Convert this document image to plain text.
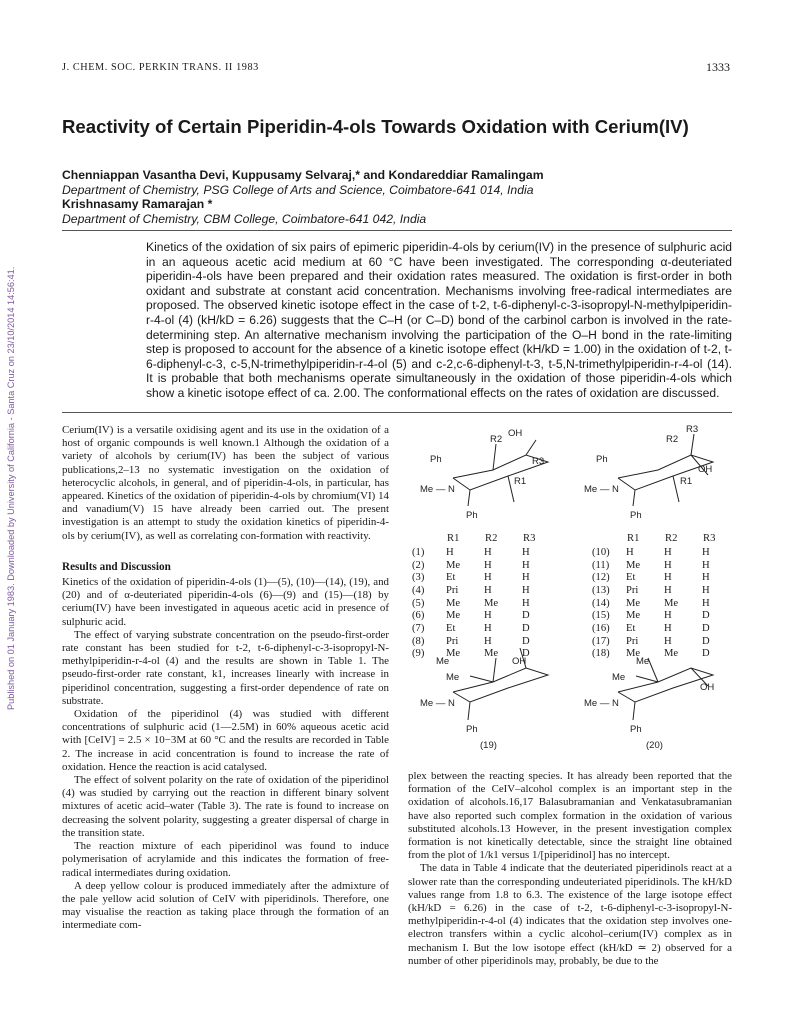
Published on 01 January 1983. Downloaded by University of California - Santa Cruz on 23/10/2014 14:56:41.
J. CHEM. SOC. PERKIN TRANS. II 1983	1333
Reactivity of Certain Piperidin-4-ols Towards Oxidation with Cerium(IV)
Chenniappan Vasantha Devi, Kuppusamy Selvaraj,* and Kondareddiar Ramalingam
Department of Chemistry, PSG College of Arts and Science, Coimbatore-641 014, India
Krishnasamy Ramarajan *
Department of Chemistry, CBM College, Coimbatore-641 042, India

Kinetics of the oxidation of six pairs of epimeric piperidin-4-ols by cerium(IV) in the presence of sulphuric acid in an aqueous acetic acid medium at 60 °C have been investigated. The corresponding α-deuteriated piperidin-4-ols have been prepared and their oxidation rates measured. The oxidation is first-order in both oxidant and substrate at constant acid concentration. Mechanisms involving free-radical intermediates are proposed. The observed kinetic isotope effect in the case of t-2, t-6-diphenyl-c-3-isopropyl-N-methylpiperidin-r-4-ol (4) (kH/kD = 6.26) suggests that the C–H (or C–D) bond of the carbinol carbon is involved in the rate-determining step. An alternative mechanism involving the participation of the O–H bond in the rate-limiting step is proposed to account for the absence of a kinetic isotope effect (kH/kD = 1.00) in the oxidation of t-2, t-6-diphenyl-c-3, c-5,N-trimethylpiperidin-r-4-ol (5) and c-2,c-6-diphenyl-t-3, t-5,N-trimethylpiperidin-r-4-ol (14). It is probable that both mechanisms operate simultaneously in the oxidation of those piperidin-4-ols which show a kinetic isotope effect of ca. 2.00. The conformational effects on the rates of oxidation are discussed.

Cerium(IV) is a versatile oxidising agent and its use in the oxidation of a host of organic compounds is well known.1 Although the oxidation of a variety of alcohols by cerium(IV) has been the subject of various publications,2–13 no systematic investigation on the oxidation of heterocyclic alcohols, in general, and of piperidin-4-ols, in particular, has appeared. Kinetics of the oxidation of piperidin-4-ols by chromium(VI) 14 and vanadium(V) 15 have already been carried out. The present investigation is an attempt to study the oxidation kinetics of piperidin-4-ols by cerium(IV), as well as correlating con-formation with reactivity.

Results and Discussion

Kinetics of the oxidation of piperidin-4-ols (1)—(5), (10)—(14), (19), and (20) and of α-deuteriated piperidin-4-ols (6)—(9) and (15)—(18) by cerium(IV) have been investigated in aqueous acetic acid in presence of sulphuric acid.

The effect of varying substrate concentration on the pseudo-first-order rate constant has been studied for t-2, t-6-diphenyl-c-3-isopropyl-N-methylpiperidin-r-4-ol (4) and the results are shown in Table 1. The pseudo-first-order rate constant, k1, increases linearly with increase in piperidinol concentration, suggesting a first-order dependence of rate on substrate.

Oxidation of the piperidinol (4) was studied with different concentrations of sulphuric acid (1—2.5M) in 60% aqueous acetic acid with [CeIV] = 2.5 × 10−3M at 60 °C and the results are recorded in Table 2. The increase in acid concentration is found to increase the rate of oxidation. Hence the reaction is acid catalysed.

The effect of solvent polarity on the rate of oxidation of the piperidinol (4) was studied by carrying out the reaction in different binary solvent mixtures of acetic acid–water (Table 3). The rate is found to increase on decreasing the solvent polarity, suggesting a greater dispersal of charge in the transition state.

The reaction mixture of each piperidinol was found to induce polymerisation of acrylamide and this indicates the formation of free-radical intermediates during oxidation.

A deep yellow colour is produced immediately after the admixture of the pale yellow acid solution of CeIV with piperidinols. Therefore, one may visualise the reaction as taking place through the formation of an intermediate com-

Ph
R2
OH
R3
R1
Me — N
Ph
Ph
R2
R3
OH
R1
Me — N
Ph
Me	OH
Me
Me — N
Ph
(19)
Me
Me
OH
Me — N
Ph
(20)
	R1	R2	R3
(1)	H	H	H
(2)	Me	H	H
(3)	Et	H	H
(4)	Pri	H	H
(5)	Me	Me	H
(6)	Me	H	D
(7)	Et	H	D
(8)	Pri	H	D
(9)	Me	Me	D
	R1	R2	R3
(10)	H	H	H
(11)	Me	H	H
(12)	Et	H	H
(13)	Pri	H	H
(14)	Me	Me	H
(15)	Me	H	D
(16)	Et	H	D
(17)	Pri	H	D
(18)	Me	Me	D

plex between the reacting species. It has already been reported that the formation of the CeIV–alcohol complex is an important step in the oxidation of alcohols.16,17 Balasubramanian and Venkatasubramanian have also reported such complex formation in the oxidation of various substituted alcohols.13 However, in the present investigation complex formation is not kinetically detectable, since the straight line obtained from the plot of 1/k1 versus 1/[piperidinol] has no intercept.

The data in Table 4 indicate that the deuteriated piperidinols react at a slower rate than the corresponding undeuteriated piperidinols. The kH/kD values range from 1.8 to 6.3. The existence of the large isotope effect (kH/kD = 6.26) in the case of t-2, t-6-diphenyl-c-3-isopropyl-N-methylpiperidin-r-4-ol (4) indicates that the oxidation step involves one-electron transfers within a cyclic alcohol–cerium(IV) complex as in mechanism I. But the low isotope effect (kH/kD ≃ 2) observed for a number of other piperidinols may, probably, be due to the
